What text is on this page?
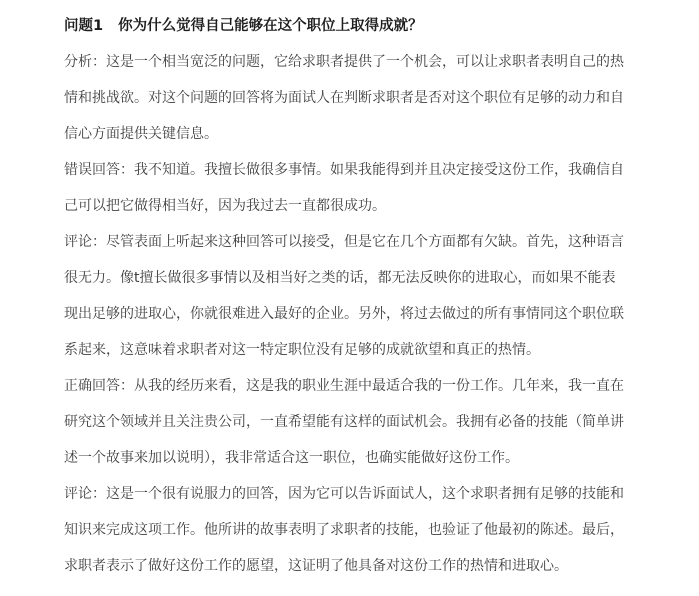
问题1 你为什么觉得自己能够在这个职位上取得成就？

分析：这是一个相当宽泛的问题，它给求职者提供了一个机会，可以让求职者表明自己的热
情和挑战欲。对这个问题的回答将为面试人在判断求职者是否对这个职位有足够的动力和自
信心方面提供关键信息。

错误回答：我不知道。我擅长做很多事情。如果我能得到并且决定接受这份工作，我确信自
己可以把它做得相当好，因为我过去一直都很成功。

评论：尽管表面上听起来这种回答可以接受，但是它在几个方面都有欠缺。首先，这种语言
很无力。像t擅长做很多事情以及相当好之类的话，都无法反映你的进取心，而如果不能表
现出足够的进取心，你就很难进入最好的企业。另外，将过去做过的所有事情同这个职位联
系起来，这意味着求职者对这一特定职位没有足够的成就欲望和真正的热情。

正确回答：从我的经历来看，这是我的职业生涯中最适合我的一份工作。几年来，我一直在
研究这个领域并且关注贵公司，一直希望能有这样的面试机会。我拥有必备的技能（简单讲
述一个故事来加以说明），我非常适合这一职位，也确实能做好这份工作。

评论：这是一个很有说服力的回答，因为它可以告诉面试人，这个求职者拥有足够的技能和
知识来完成这项工作。他所讲的故事表明了求职者的技能，也验证了他最初的陈述。最后，
求职者表示了做好这份工作的愿望，这证明了他具备对这份工作的热情和进取心。
